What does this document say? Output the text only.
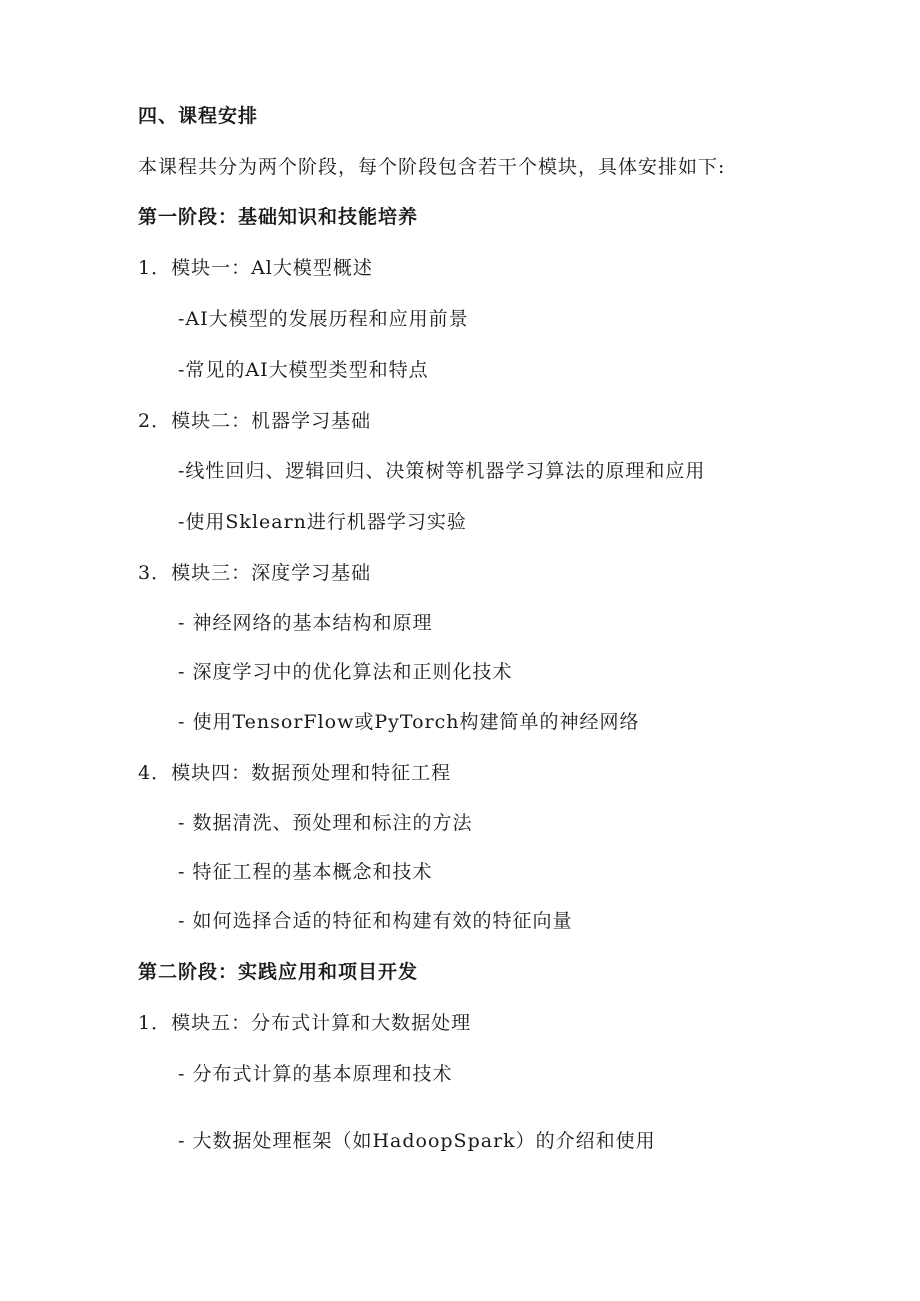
四、课程安排
本课程共分为两个阶段，每个阶段包含若干个模块，具体安排如下:
第一阶段：基础知识和技能培养
1．模块一：Al大模型概述
-AI大模型的发展历程和应用前景
-常见的AI大模型类型和特点
2．模块二：机器学习基础
-线性回归、逻辑回归、决策树等机器学习算法的原理和应用
-使用Sklearn进行机器学习实验
3．模块三：深度学习基础
- 神经网络的基本结构和原理
- 深度学习中的优化算法和正则化技术
- 使用TensorFlow或PyTorch构建简单的神经网络
4．模块四：数据预处理和特征工程
- 数据清洗、预处理和标注的方法
- 特征工程的基本概念和技术
- 如何选择合适的特征和构建有效的特征向量
第二阶段：实践应用和项目开发
1．模块五：分布式计算和大数据处理
- 分布式计算的基本原理和技术
- 大数据处理框架（如HadoopSpark）的介绍和使用
